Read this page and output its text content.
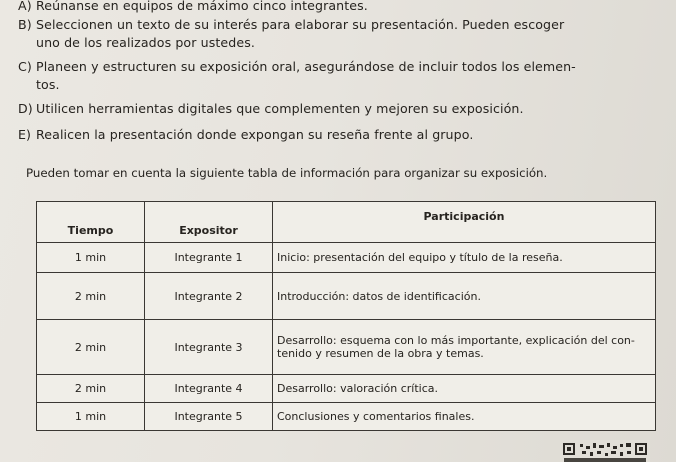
A) Reúnanse en equipos de máximo cinco integrantes.
B) Seleccionen un texto de su interés para elaborar su presentación. Pueden escoger
uno de los realizados por ustedes.
C) Planeen y estructuren su exposición oral, asegurándose de incluir todos los elemen-
tos.
D) Utilicen herramientas digitales que complementen y mejoren su exposición.
E) Realicen la presentación donde expongan su reseña frente al grupo.
Pueden tomar en cuenta la siguiente tabla de información para organizar su exposición.
Tiempo	Expositor	Participación
1 min	Integrante 1	Inicio: presentación del equipo y título de la reseña.
2 min	Integrante 2	Introducción: datos de identificación.
2 min	Integrante 3	Desarrollo: esquema con lo más importante, explicación del con- tenido y resumen de la obra y temas.
2 min	Integrante 4	Desarrollo: valoración crítica.
1 min	Integrante 5	Conclusiones y comentarios finales.
